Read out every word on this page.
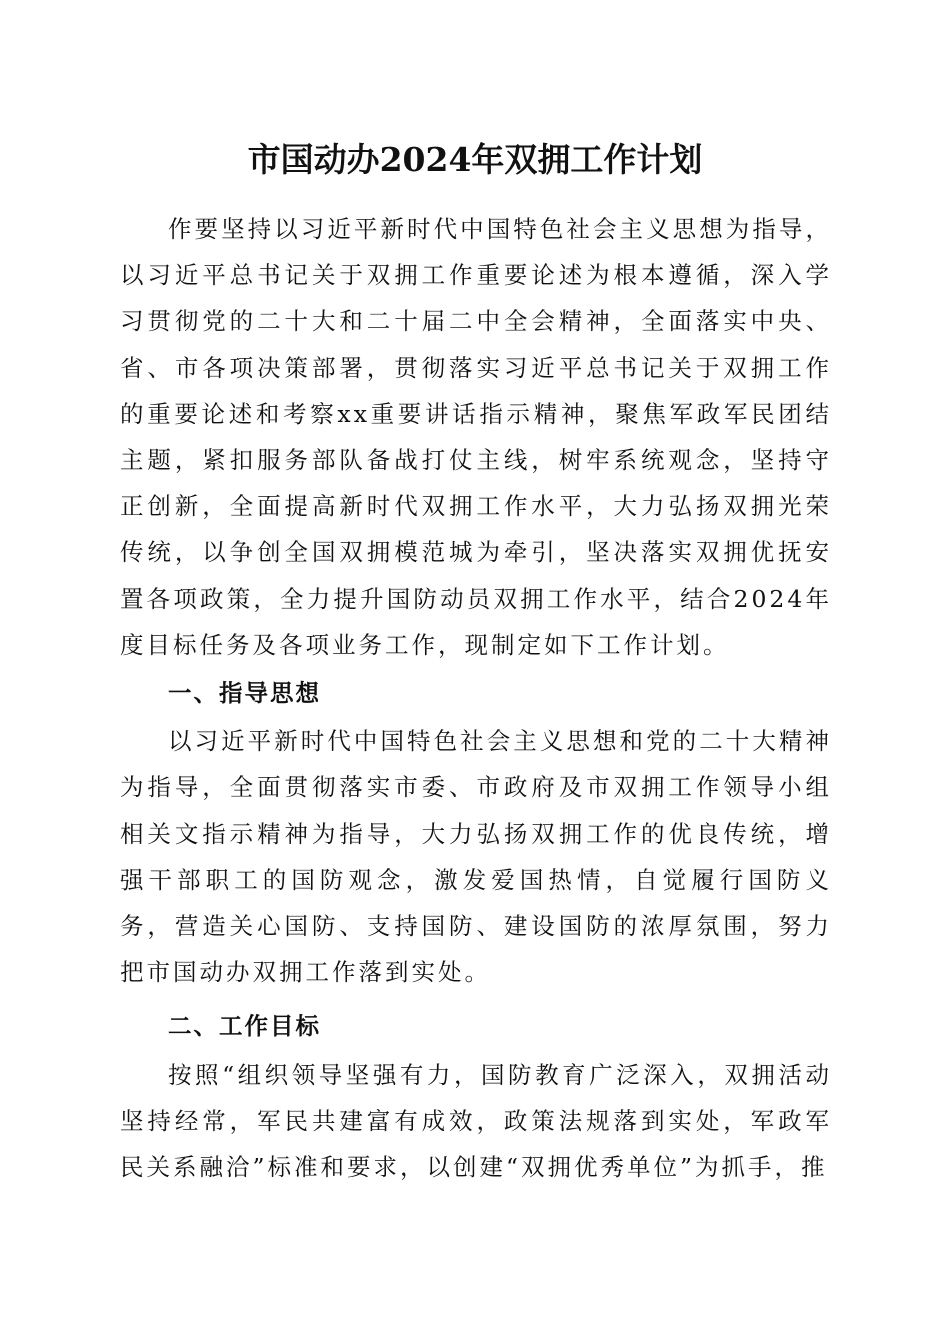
市国动办2024年双拥工作计划

作要坚持以习近平新时代中国特色社会主义思想为指导，以习近平总书记关于双拥工作重要论述为根本遵循，深入学习贯彻党的二十大和二十届二中全会精神，全面落实中央、省、市各项决策部署，贯彻落实习近平总书记关于双拥工作的重要论述和考察xx重要讲话指示精神，聚焦军政军民团结主题，紧扣服务部队备战打仗主线，树牢系统观念，坚持守正创新，全面提高新时代双拥工作水平，大力弘扬双拥光荣传统，以争创全国双拥模范城为牵引，坚决落实双拥优抚安置各项政策，全力提升国防动员双拥工作水平，结合2024年度目标任务及各项业务工作，现制定如下工作计划。

一、指导思想

以习近平新时代中国特色社会主义思想和党的二十大精神为指导，全面贯彻落实市委、市政府及市双拥工作领导小组相关文指示精神为指导，大力弘扬双拥工作的优良传统，增强干部职工的国防观念，激发爱国热情，自觉履行国防义务，营造关心国防、支持国防、建设国防的浓厚氛围，努力把市国动办双拥工作落到实处。

二、工作目标

按照“组织领导坚强有力，国防教育广泛深入，双拥活动坚持经常，军民共建富有成效，政策法规落到实处，军政军民关系融洽”标准和要求，以创建“双拥优秀单位”为抓手，推
